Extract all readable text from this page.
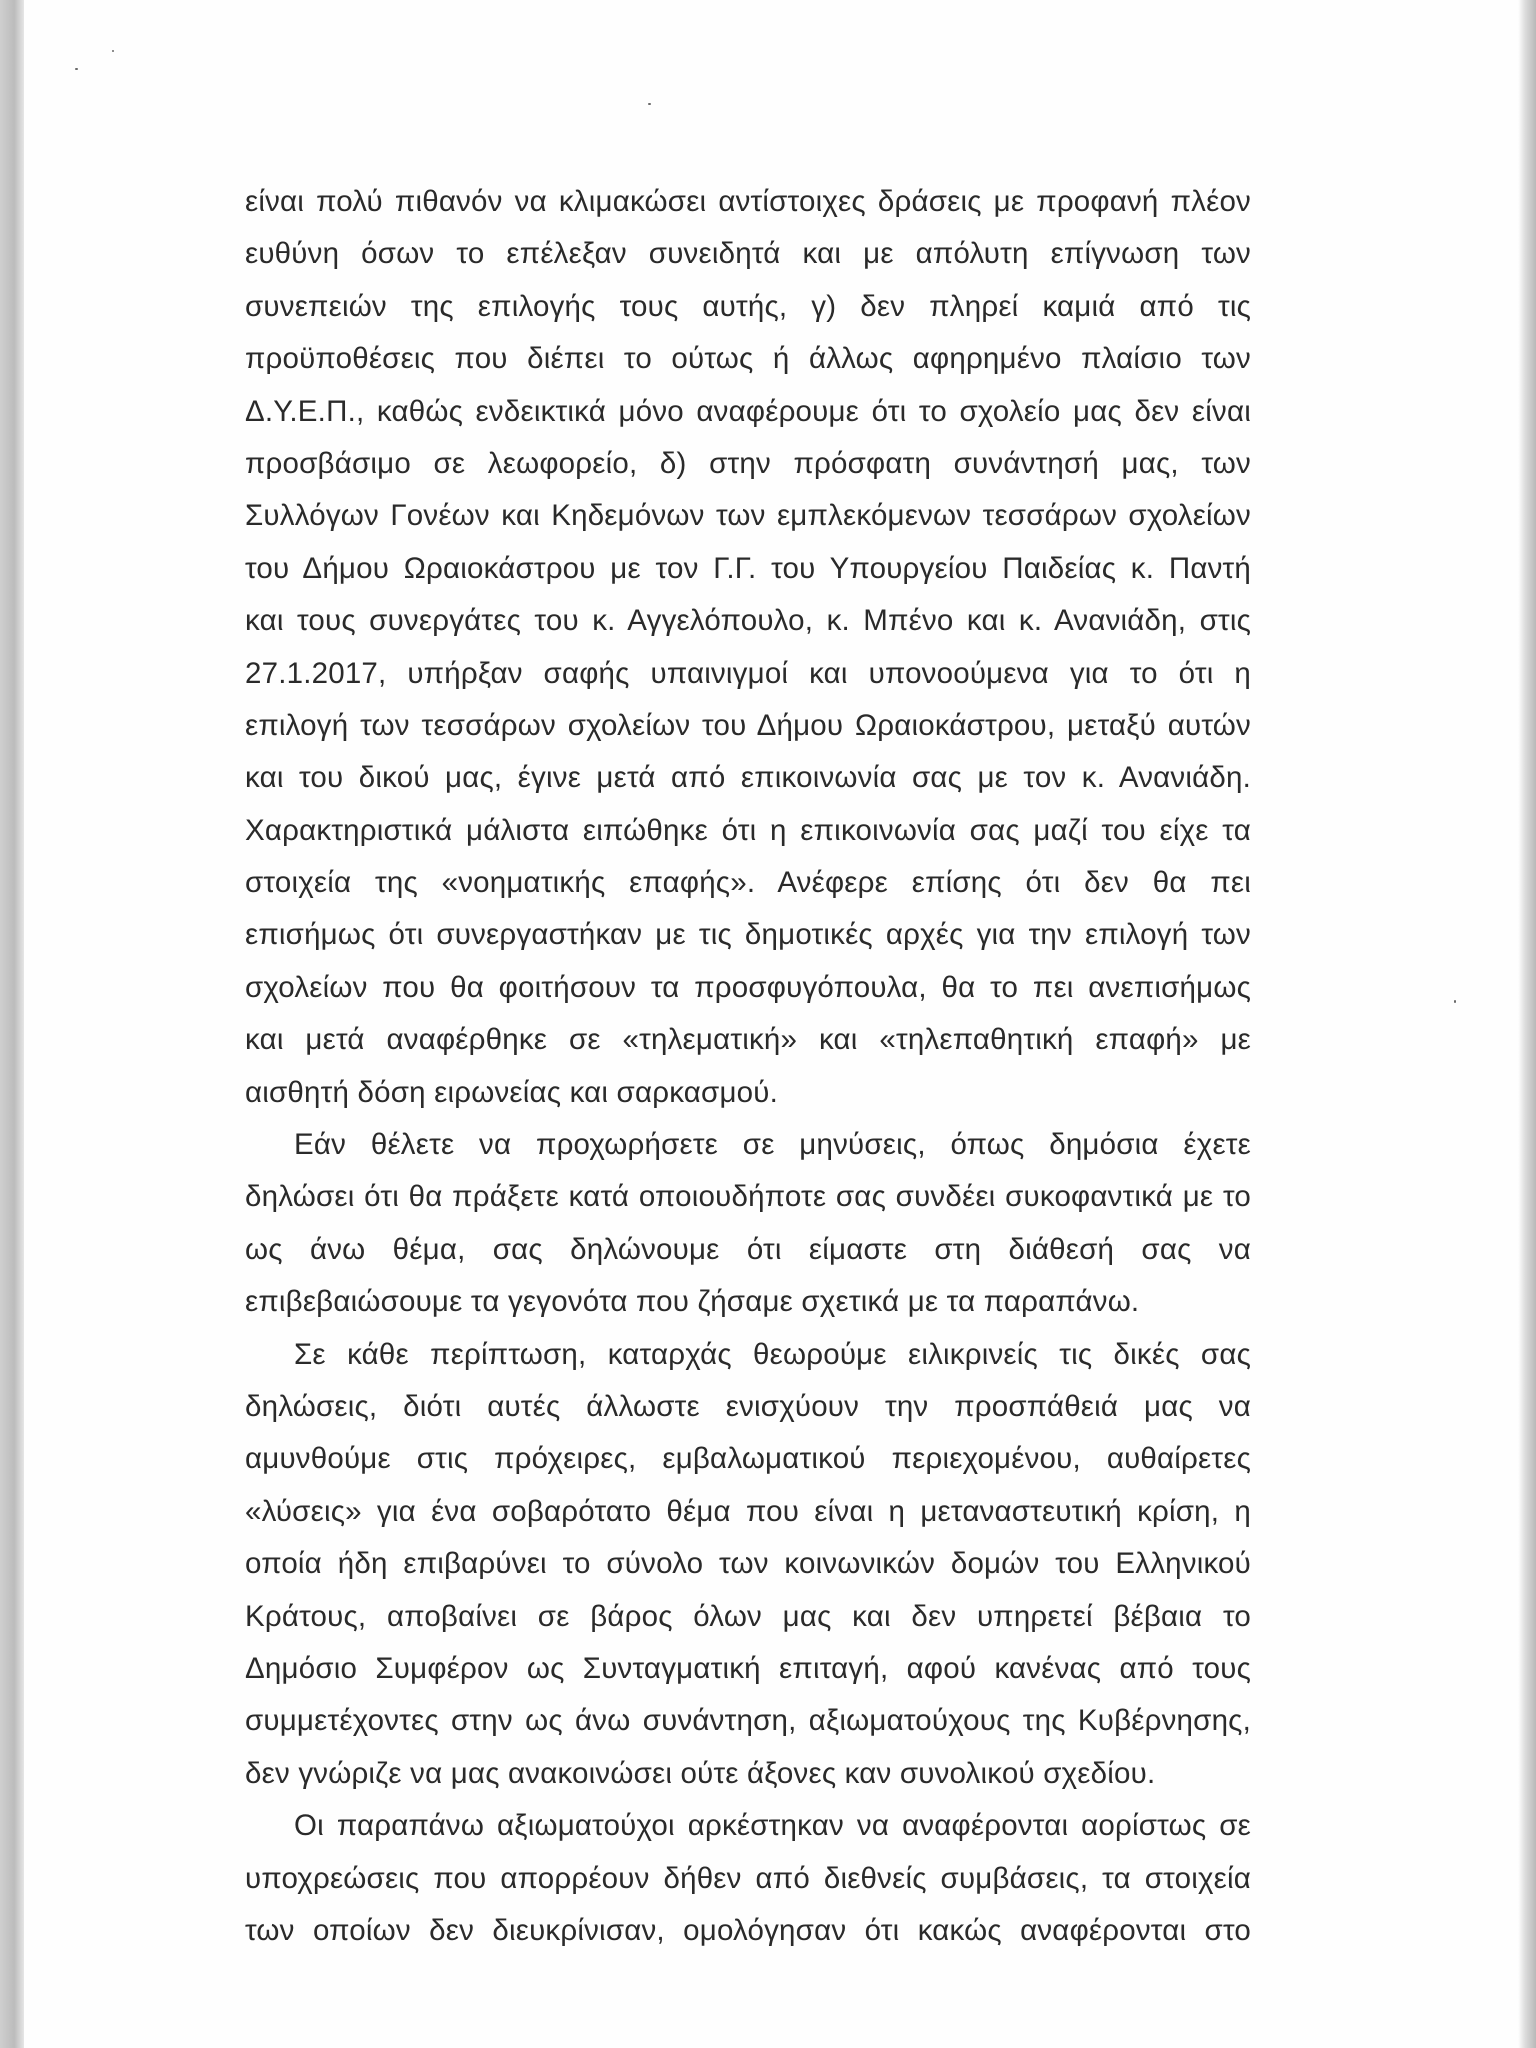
είναι πολύ πιθανόν να κλιμακώσει αντίστοιχες δράσεις με προφανή πλέον
ευθύνη όσων το επέλεξαν συνειδητά και με απόλυτη επίγνωση των
συνεπειών της επιλογής τους αυτής, γ) δεν πληρεί καμιά από τις
προϋποθέσεις που διέπει το ούτως ή άλλως αφηρημένο πλαίσιο των
Δ.Υ.Ε.Π., καθώς ενδεικτικά μόνο αναφέρουμε ότι το σχολείο μας δεν είναι
προσβάσιμο σε λεωφορείο, δ) στην πρόσφατη συνάντησή μας, των
Συλλόγων Γονέων και Κηδεμόνων των εμπλεκόμενων τεσσάρων σχολείων
του Δήμου Ωραιοκάστρου με τον Γ.Γ. του Υπουργείου Παιδείας κ. Παντή
και τους συνεργάτες του κ. Αγγελόπουλο, κ. Μπένο και κ. Ανανιάδη, στις
27.1.2017, υπήρξαν σαφής υπαινιγμοί και υπονοούμενα για το ότι η
επιλογή των τεσσάρων σχολείων του Δήμου Ωραιοκάστρου, μεταξύ αυτών
και του δικού μας, έγινε μετά από επικοινωνία σας με τον κ. Ανανιάδη.
Χαρακτηριστικά μάλιστα ειπώθηκε ότι η επικοινωνία σας μαζί του είχε τα
στοιχεία της «νοηματικής επαφής». Ανέφερε επίσης ότι δεν θα πει
επισήμως ότι συνεργαστήκαν με τις δημοτικές αρχές για την επιλογή των
σχολείων που θα φοιτήσουν τα προσφυγόπουλα, θα το πει ανεπισήμως
και μετά αναφέρθηκε σε «τηλεματική» και «τηλεπαθητική επαφή» με
αισθητή δόση ειρωνείας και σαρκασμού.
Εάν θέλετε να προχωρήσετε σε μηνύσεις, όπως δημόσια έχετε
δηλώσει ότι θα πράξετε κατά οποιουδήποτε σας συνδέει συκοφαντικά με το
ως άνω θέμα, σας δηλώνουμε ότι είμαστε στη διάθεσή σας να
επιβεβαιώσουμε τα γεγονότα που ζήσαμε σχετικά με τα παραπάνω.
Σε κάθε περίπτωση, καταρχάς θεωρούμε ειλικρινείς τις δικές σας
δηλώσεις, διότι αυτές άλλωστε ενισχύουν την προσπάθειά μας να
αμυνθούμε στις πρόχειρες, εμβαλωματικού περιεχομένου, αυθαίρετες
«λύσεις» για ένα σοβαρότατο θέμα που είναι η μεταναστευτική κρίση, η
οποία ήδη επιβαρύνει το σύνολο των κοινωνικών δομών του Ελληνικού
Κράτους, αποβαίνει σε βάρος όλων μας και δεν υπηρετεί βέβαια το
Δημόσιο Συμφέρον ως Συνταγματική επιταγή, αφού κανένας από τους
συμμετέχοντες στην ως άνω συνάντηση, αξιωματούχους της Κυβέρνησης,
δεν γνώριζε να μας ανακοινώσει ούτε άξονες καν συνολικού σχεδίου.
Οι παραπάνω αξιωματούχοι αρκέστηκαν να αναφέρονται αορίστως σε
υποχρεώσεις που απορρέουν δήθεν από διεθνείς συμβάσεις, τα στοιχεία
των οποίων δεν διευκρίνισαν, ομολόγησαν ότι κακώς αναφέρονται στο
